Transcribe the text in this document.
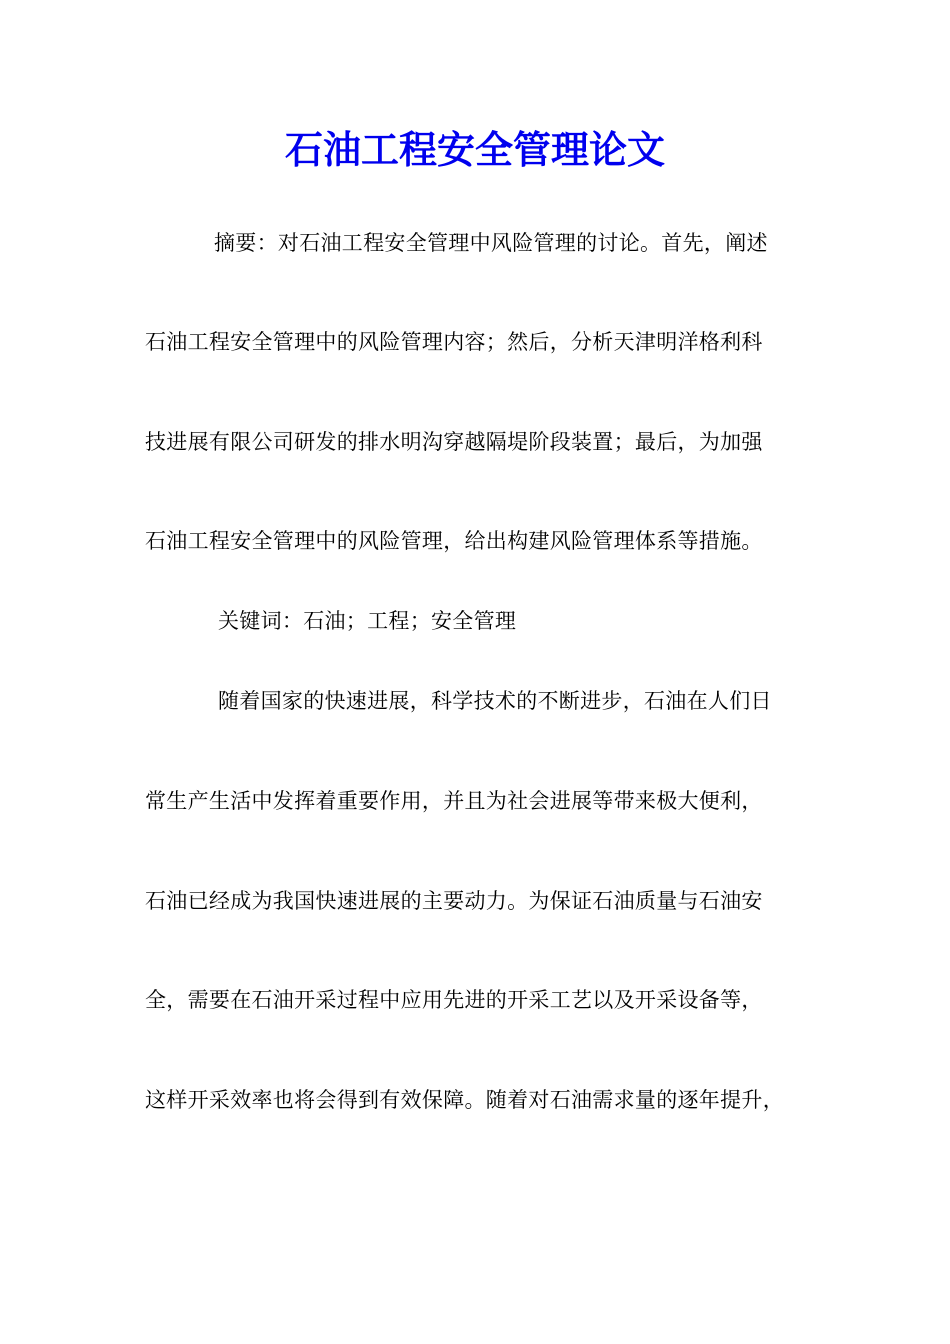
石油工程安全管理论文
摘要：对石油工程安全管理中风险管理的讨论。首先，阐述
石油工程安全管理中的风险管理内容；然后，分析天津明洋格利科
技进展有限公司研发的排水明沟穿越隔堤阶段装置；最后，为加强
石油工程安全管理中的风险管理，给出构建风险管理体系等措施。
关键词：石油；工程；安全管理
随着国家的快速进展，科学技术的不断进步，石油在人们日
常生产生活中发挥着重要作用，并且为社会进展等带来极大便利，
石油已经成为我国快速进展的主要动力。为保证石油质量与石油安
全，需要在石油开采过程中应用先进的开采工艺以及开采设备等，
这样开采效率也将会得到有效保障。随着对石油需求量的逐年提升，
